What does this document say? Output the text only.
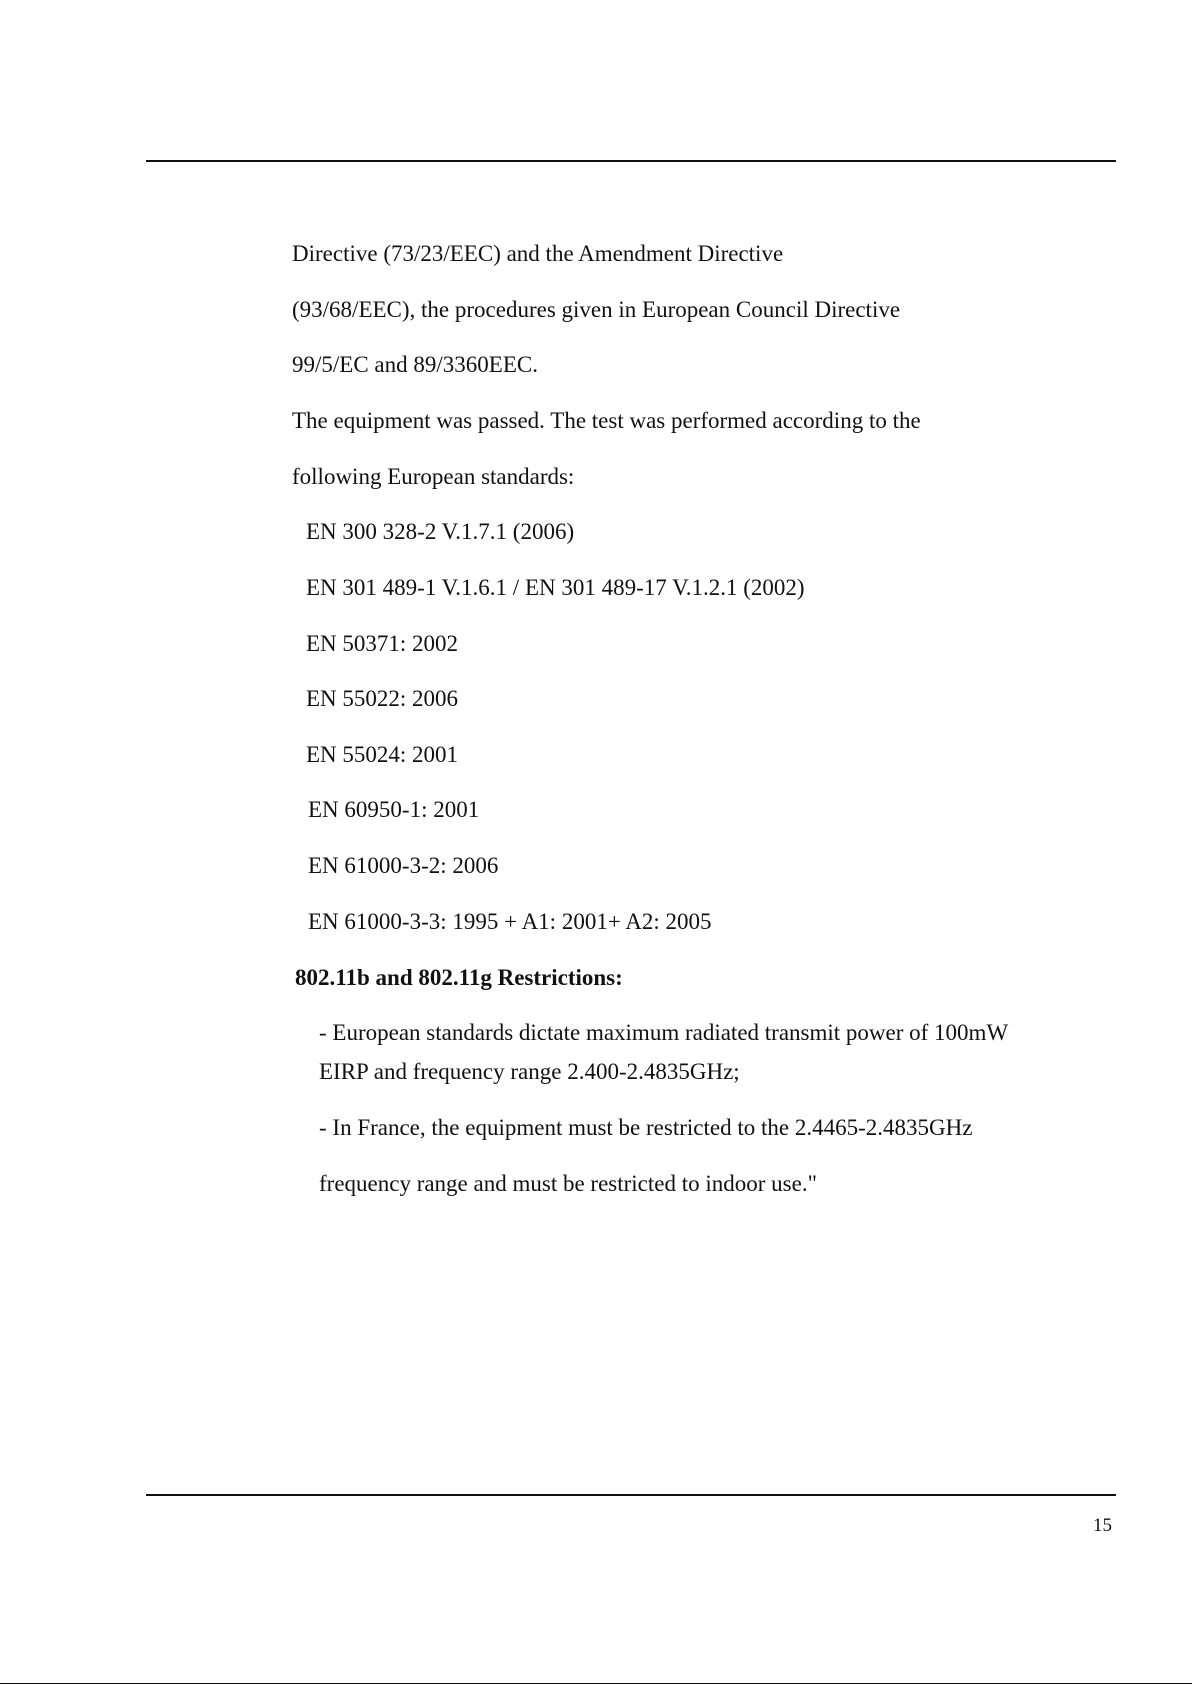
Directive (73/23/EEC) and the Amendment Directive
(93/68/EEC), the procedures given in European Council Directive
99/5/EC and 89/3360EEC.
The equipment was passed. The test was performed according to the
following European standards:
EN 300 328-2 V.1.7.1 (2006)
EN 301 489-1 V.1.6.1 / EN 301 489-17 V.1.2.1 (2002)
EN 50371: 2002
EN 55022: 2006
EN 55024: 2001
EN 60950-1: 2001
EN 61000-3-2: 2006
EN 61000-3-3: 1995 + A1: 2001+ A2: 2005
802.11b and 802.11g Restrictions:
- European standards dictate maximum radiated transmit power of 100mW
EIRP and frequency range 2.400-2.4835GHz;
- In France, the equipment must be restricted to the 2.4465-2.4835GHz
frequency range and must be restricted to indoor use."
15
